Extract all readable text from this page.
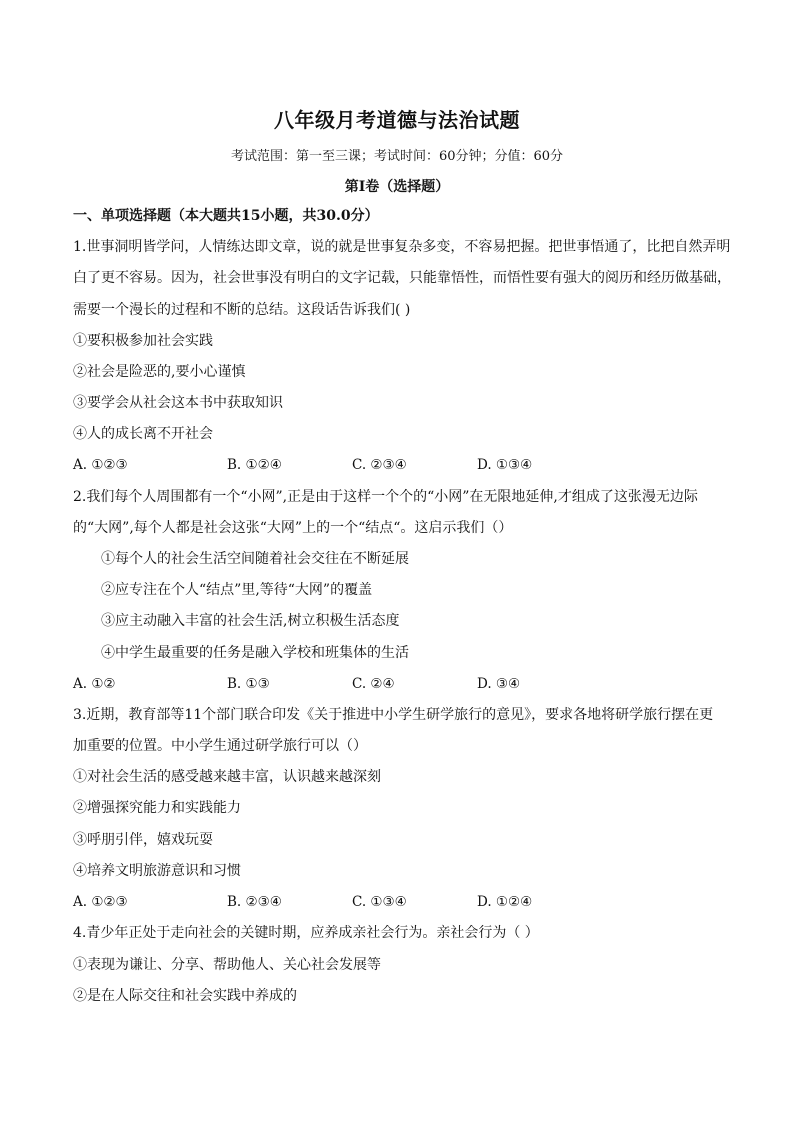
八年级月考道德与法治试题
考试范围：第一至三课；考试时间：60分钟；分值：60分
第I卷（选择题）
一、单项选择题（本大题共15小题，共30.0分）
1.世事洞明皆学问，人情练达即文章，说的就是世事复杂多变，不容易把握。把世事悟通了，比把自然弄明
白了更不容易。因为，社会世事没有明白的文字记载，只能靠悟性，而悟性要有强大的阅历和经历做基础，
需要一个漫长的过程和不断的总结。这段话告诉我们( )
①要积极参加社会实践
②社会是险恶的,要小心谨慎
③要学会从社会这本书中获取知识
④人的成长离不开社会
A. ①②③	B. ①②④	C. ②③④	D. ①③④
2.我们每个人周围都有一个“小网”,正是由于这样一个个的“小网”在无限地延伸,才组成了这张漫无边际
的“大网”,每个人都是社会这张“大网”上的一个“结点“。这启示我们（）
①每个人的社会生活空间随着社会交往在不断延展
②应专注在个人“结点”里,等待“大网”的覆盖
③应主动融入丰富的社会生活,树立积极生活态度
④中学生最重要的任务是融入学校和班集体的生活
A. ①②	B. ①③	C. ②④	D. ③④
3.近期，教育部等11个部门联合印发《关于推进中小学生研学旅行的意见》，要求各地将研学旅行摆在更
加重要的位置。中小学生通过研学旅行可以（）
①对社会生活的感受越来越丰富，认识越来越深刻
②增强探究能力和实践能力
③呼朋引伴，嬉戏玩耍
④培养文明旅游意识和习惯
A. ①②③	B. ②③④	C. ①③④	D. ①②④
4.青少年正处于走向社会的关键时期，应养成亲社会行为。亲社会行为（ ）
①表现为谦让、分享、帮助他人、关心社会发展等
②是在人际交往和社会实践中养成的
